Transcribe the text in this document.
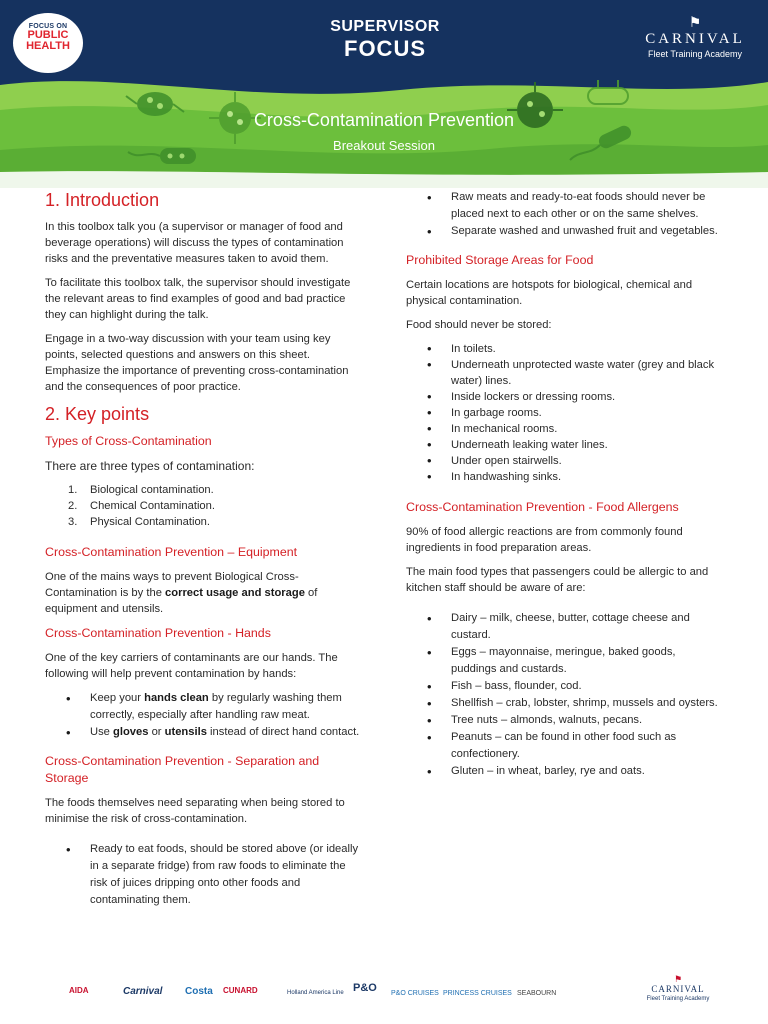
FOCUS ON
PUBLIC
HEALTH
SUPERVISOR
FOCUS
⚑
CARNIVAL
Fleet Training Academy
Cross-Contamination Prevention
Breakout Session
1. Introduction

In this toolbox talk you (a supervisor or manager of food and beverage operations) will discuss the types of contamination risks and the preventative measures taken to avoid them.

To facilitate this toolbox talk, the supervisor should investigate the relevant areas to find examples of good and bad practice they can highlight during the talk.

Engage in a two-way discussion with your team using key points, selected questions and answers on this sheet. Emphasize the importance of preventing cross-contamination and the consequences of poor practice.

2. Key points
Types of Cross-Contamination

There are three types of contamination:

Biological contamination.
Chemical Contamination.
Physical Contamination.
Cross-Contamination Prevention – Equipment

One of the mains ways to prevent Biological Cross-Contamination is by the correct usage and storage of equipment and utensils.

Cross-Contamination Prevention - Hands

One of the key carriers of contaminants are our hands. The following will help prevent contamination by hands:

• Keep your hands clean by regularly washing them correctly, especially after handling raw meat.
• Use gloves or utensils instead of direct hand contact.
Cross-Contamination Prevention - Separation and Storage

The foods themselves need separating when being stored to minimise the risk of cross-contamination.

• Ready to eat foods, should be stored above (or ideally in a separate fridge) from raw foods to eliminate the risk of juices dripping onto other foods and contaminating them.
• Raw meats and ready-to-eat foods should never be placed next to each other or on the same shelves.
• Separate washed and unwashed fruit and vegetables.
Prohibited Storage Areas for Food

Certain locations are hotspots for biological, chemical and physical contamination.

Food should never be stored:

• In toilets.
• Underneath unprotected waste water (grey and black water) lines.
• Inside lockers or dressing rooms.
• In garbage rooms.
• In mechanical rooms.
• Underneath leaking water lines.
• Under open stairwells.
• In handwashing sinks.
Cross-Contamination Prevention - Food Allergens

90% of food allergic reactions are from commonly found ingredients in food preparation areas.

The main food types that passengers could be allergic to and kitchen staff should be aware of are:

• Dairy – milk, cheese, butter, cottage cheese and custard.
• Eggs – mayonnaise, meringue, baked goods, puddings and custards.
• Fish – bass, flounder, cod.
• Shellfish – crab, lobster, shrimp, mussels and oysters.
• Tree nuts – almonds, walnuts, pecans.
• Peanuts – can be found in other food such as confectionery.
• Gluten – in wheat, barley, rye and oats.
AIDA	Carnival Costa CUNARD	Holland America Line P&O P&O CRUISES PRINCESS CRUISES SEABOURN
⚑
CARNIVAL
Fleet Training Academy
